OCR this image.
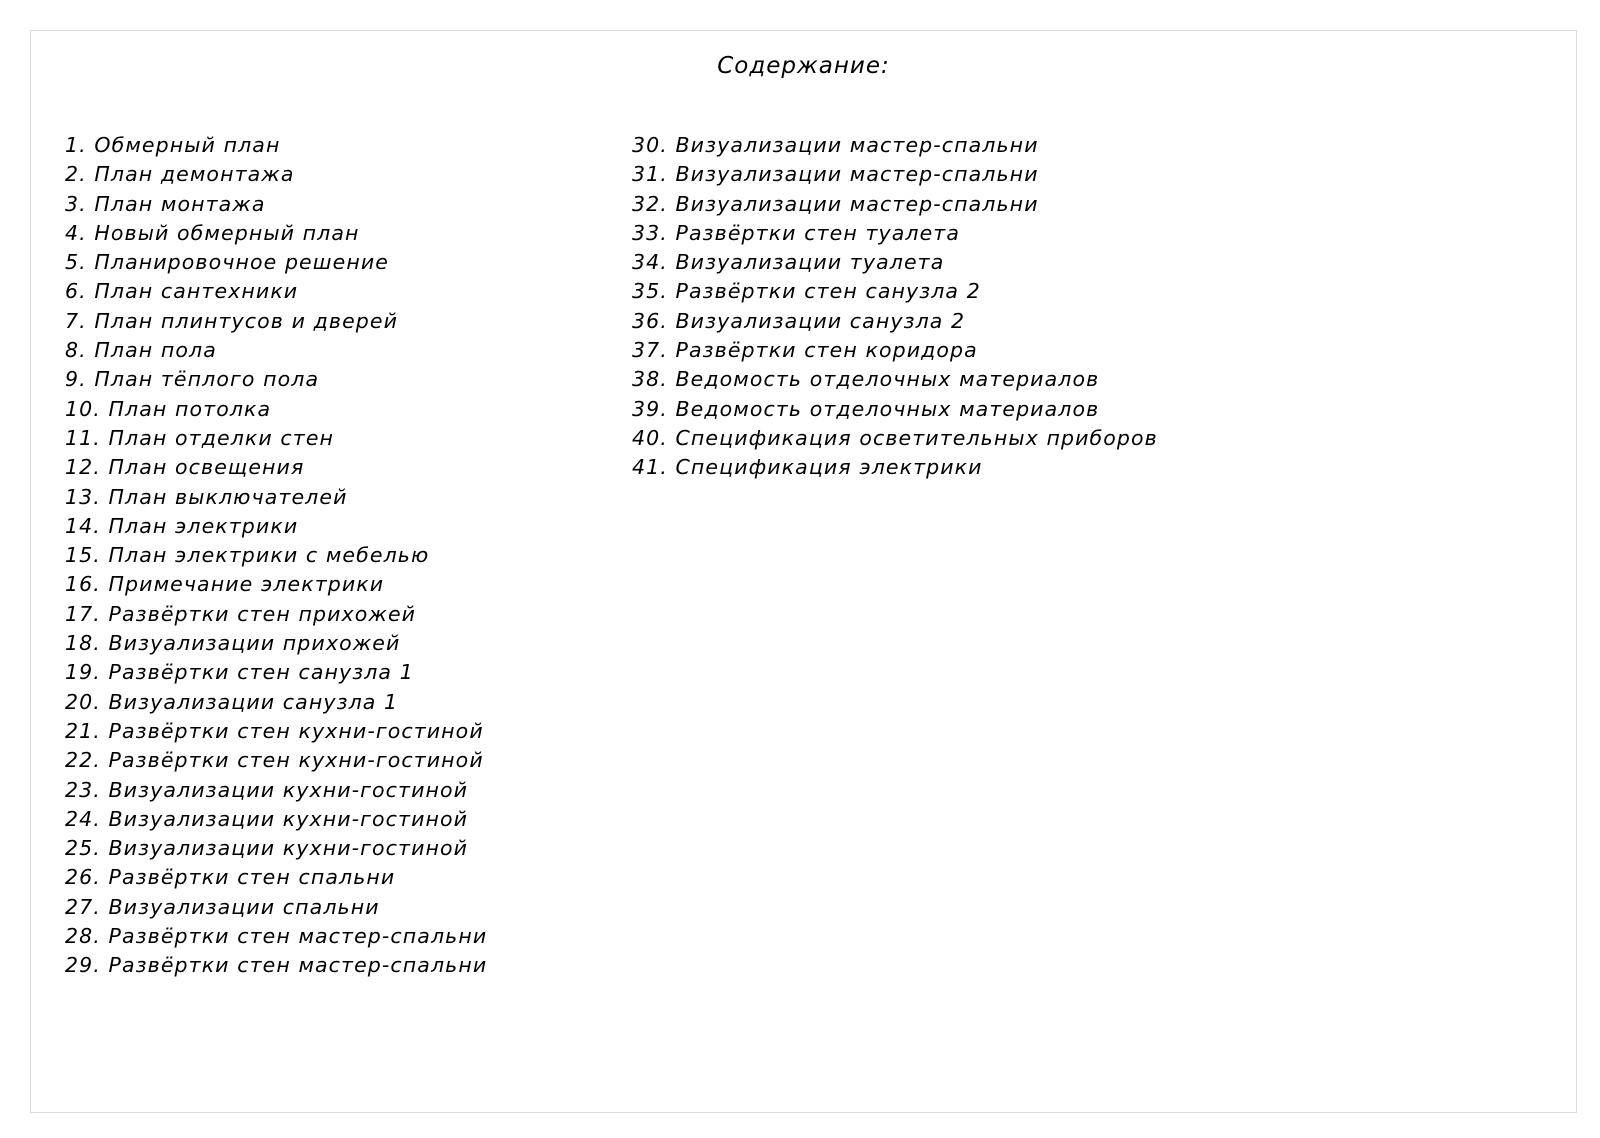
Содержание:
1. Обмерный план
2. План демонтажа
3. План монтажа
4. Новый обмерный план
5. Планировочное решение
6. План сантехники
7. План плинтусов и дверей
8. План пола
9. План тёплого пола
10. План потолка
11. План отделки стен
12. План освещения
13. План выключателей
14. План электрики
15. План электрики с мебелью
16. Примечание электрики
17. Развёртки стен прихожей
18. Визуализации прихожей
19. Развёртки стен санузла 1
20. Визуализации санузла 1
21. Развёртки стен кухни-гостиной
22. Развёртки стен кухни-гостиной
23. Визуализации кухни-гостиной
24. Визуализации кухни-гостиной
25. Визуализации кухни-гостиной
26. Развёртки стен спальни
27. Визуализации спальни
28. Развёртки стен мастер-спальни
29. Развёртки стен мастер-спальни
30. Визуализации мастер-спальни
31. Визуализации мастер-спальни
32. Визуализации мастер-спальни
33. Развёртки стен туалета
34. Визуализации туалета
35. Развёртки стен санузла 2
36. Визуализации санузла 2
37. Развёртки стен коридора
38. Ведомость отделочных материалов
39. Ведомость отделочных материалов
40. Спецификация осветительных приборов
41. Спецификация электрики
